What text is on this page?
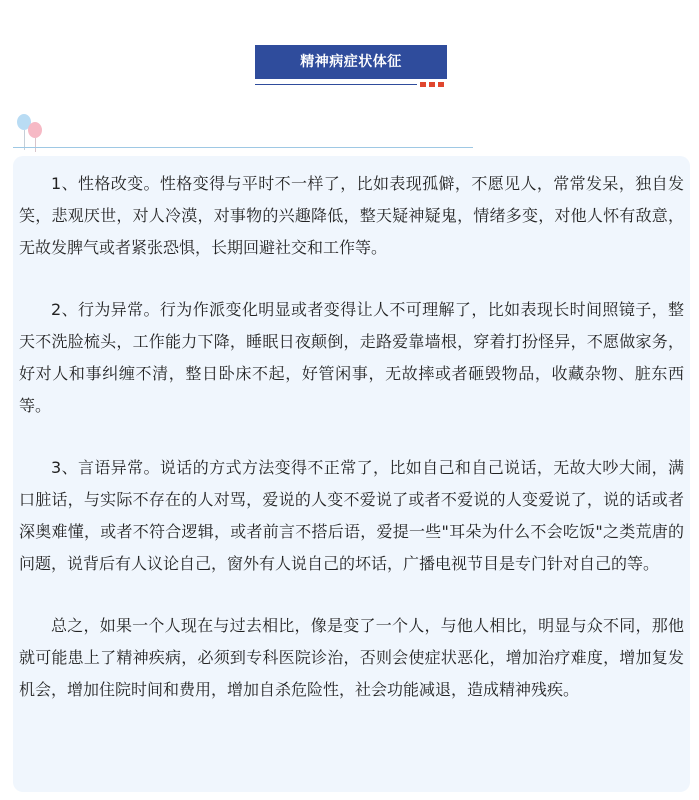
精神病症状体征

1、性格改变。性格变得与平时不一样了，比如表现孤僻，不愿见人，常常发呆，独自发笑，悲观厌世，对人冷漠，对事物的兴趣降低，整天疑神疑鬼，情绪多变，对他人怀有敌意，无故发脾气或者紧张恐惧，长期回避社交和工作等。

2、行为异常。行为作派变化明显或者变得让人不可理解了，比如表现长时间照镜子，整天不洗脸梳头，工作能力下降，睡眠日夜颠倒，走路爱靠墙根，穿着打扮怪异，不愿做家务，好对人和事纠缠不清，整日卧床不起，好管闲事，无故摔或者砸毁物品，收藏杂物、脏东西等。

3、言语异常。说话的方式方法变得不正常了，比如自己和自己说话，无故大吵大闹，满口脏话，与实际不存在的人对骂，爱说的人变不爱说了或者不爱说的人变爱说了，说的话或者深奥难懂，或者不符合逻辑，或者前言不搭后语，爱提一些"耳朵为什么不会吃饭"之类荒唐的问题，说背后有人议论自己，窗外有人说自己的坏话，广播电视节目是专门针对自己的等。

总之，如果一个人现在与过去相比，像是变了一个人，与他人相比，明显与众不同，那他就可能患上了精神疾病，必须到专科医院诊治，否则会使症状恶化，增加治疗难度，增加复发机会，增加住院时间和费用，增加自杀危险性，社会功能减退，造成精神残疾。
